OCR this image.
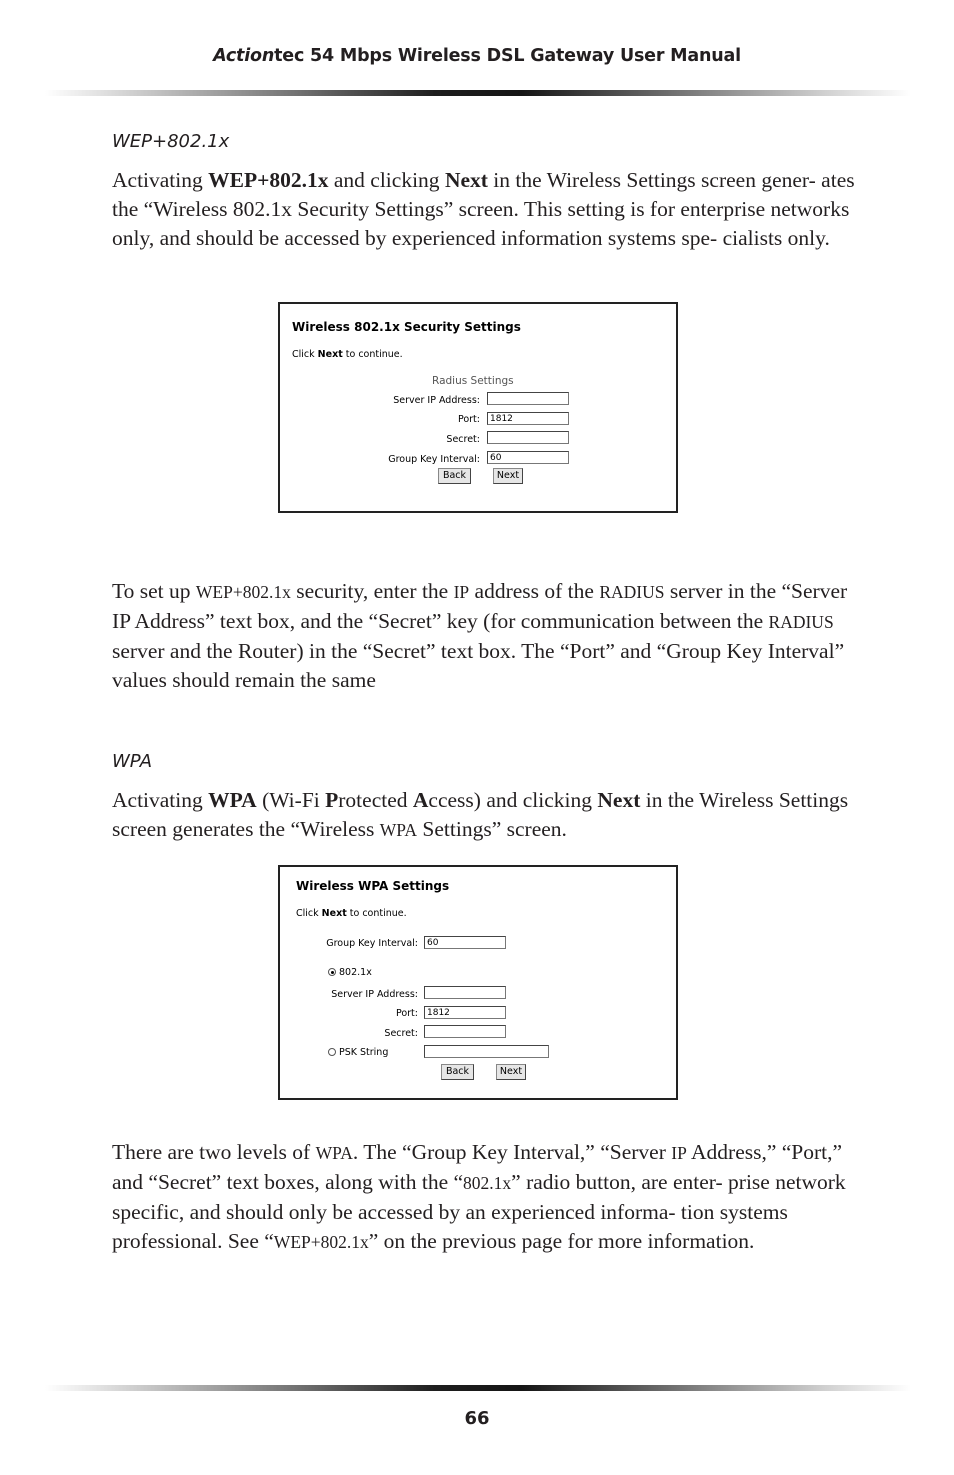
Actiontec 54 Mbps Wireless DSL Gateway User Manual
WEP+802.1x

Activating WEP+802.1x and clicking Next in the Wireless Settings screen gener- ates the “Wireless 802.1x Security Settings” screen. This setting is for enterprise networks only, and should be accessed by experienced information systems spe- cialists only.

Wireless 802.1x Security Settings
Click Next to continue.
Radius Settings
Server IP Address:
Port:	1812
Secret:
Group Key Interval:	60
Back	Next

To set up WEP+802.1x security, enter the IP address of the RADIUS server in the “Server IP Address” text box, and the “Secret” key (for communication between the RADIUS server and the Router) in the “Secret” text box. The “Port” and “Group Key Interval” values should remain the same

WPA

Activating WPA (Wi-Fi Protected Access) and clicking Next in the Wireless Settings screen generates the “Wireless WPA Settings” screen.

Wireless WPA Settings
Click Next to continue.
Group Key Interval:	60
802.1x
Server IP Address:
Port:	1812
Secret:
PSK String
Back	Next

There are two levels of WPA. The “Group Key Interval,” “Server IP Address,” “Port,” and “Secret” text boxes, along with the “802.1x” radio button, are enter- prise network specific, and should only be accessed by an experienced informa- tion systems professional. See “WEP+802.1x” on the previous page for more information.

66
